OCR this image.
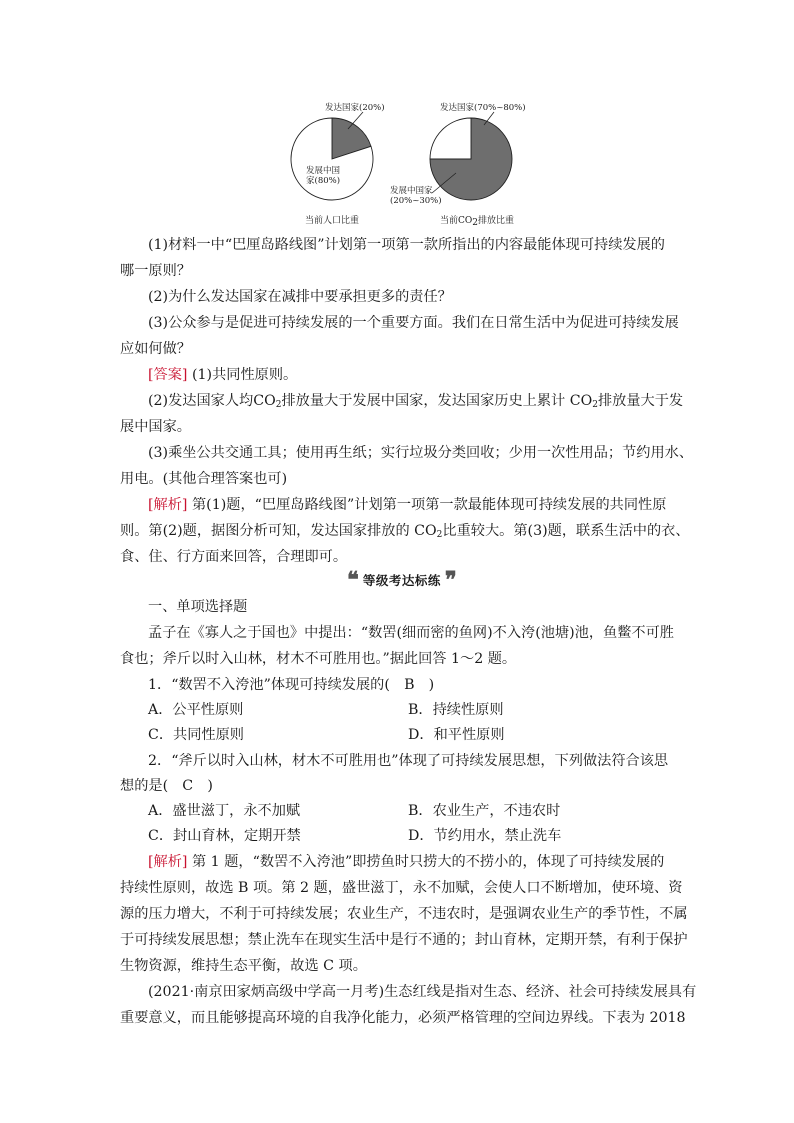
发达国家(20%)
发展中国
家(80%)
当前人口比重
发达国家(70%~80%)
发展中国家
(20%~30%)
当前$CO_2$排放比重
(1)材料一中“巴厘岛路线图”计划第一项第一款所指出的内容最能体现可持续发展的
哪一原则？
(2)为什么发达国家在减排中要承担更多的责任？
(3)公众参与是促进可持续发展的一个重要方面。我们在日常生活中为促进可持续发展
应如何做？
[答案] (1)共同性原则。
(2)发达国家人均$CO_2$排放量大于发展中国家，发达国家历史上累计 $CO_2$排放量大于发
展中国家。
(3)乘坐公共交通工具；使用再生纸；实行垃圾分类回收；少用一次性用品；节约用水、
用电。(其他合理答案也可)
[解析] 第(1)题，“巴厘岛路线图”计划第一项第一款最能体现可持续发展的共同性原
则。第(2)题，据图分析可知，发达国家排放的 $CO_2$比重较大。第(3)题，联系生活中的衣、
食、住、行方面来回答，合理即可。
❝ 等级考达标练 ❞
一、单项选择题
孟子在《寡人之于国也》中提出：“数罟(细而密的鱼网)不入洿(池塘)池，鱼鳖不可胜
食也；斧斤以时入山林，材木不可胜用也。”据此回答 1～2 题。
1．“数罟不入洿池”体现可持续发展的(　B　)
A．公平性原则	B．持续性原则
C．共同性原则	D．和平性原则
2．“斧斤以时入山林，材木不可胜用也”体现了可持续发展思想，下列做法符合该思
想的是(　C　)
A．盛世滋丁，永不加赋	B．农业生产，不违农时
C．封山育林，定期开禁	D．节约用水，禁止洗车
[解析] 第 1 题，“数罟不入洿池”即捞鱼时只捞大的不捞小的，体现了可持续发展的
持续性原则，故选 B 项。第 2 题，盛世滋丁，永不加赋，会使人口不断增加，使环境、资
源的压力增大，不利于可持续发展；农业生产，不违农时，是强调农业生产的季节性，不属
于可持续发展思想；禁止洗车在现实生活中是行不通的；封山育林，定期开禁，有利于保护
生物资源，维持生态平衡，故选 C 项。
(2021·南京田家炳高级中学高一月考)生态红线是指对生态、经济、社会可持续发展具有
重要意义，而且能够提高环境的自我净化能力，必须严格管理的空间边界线。下表为 2018
